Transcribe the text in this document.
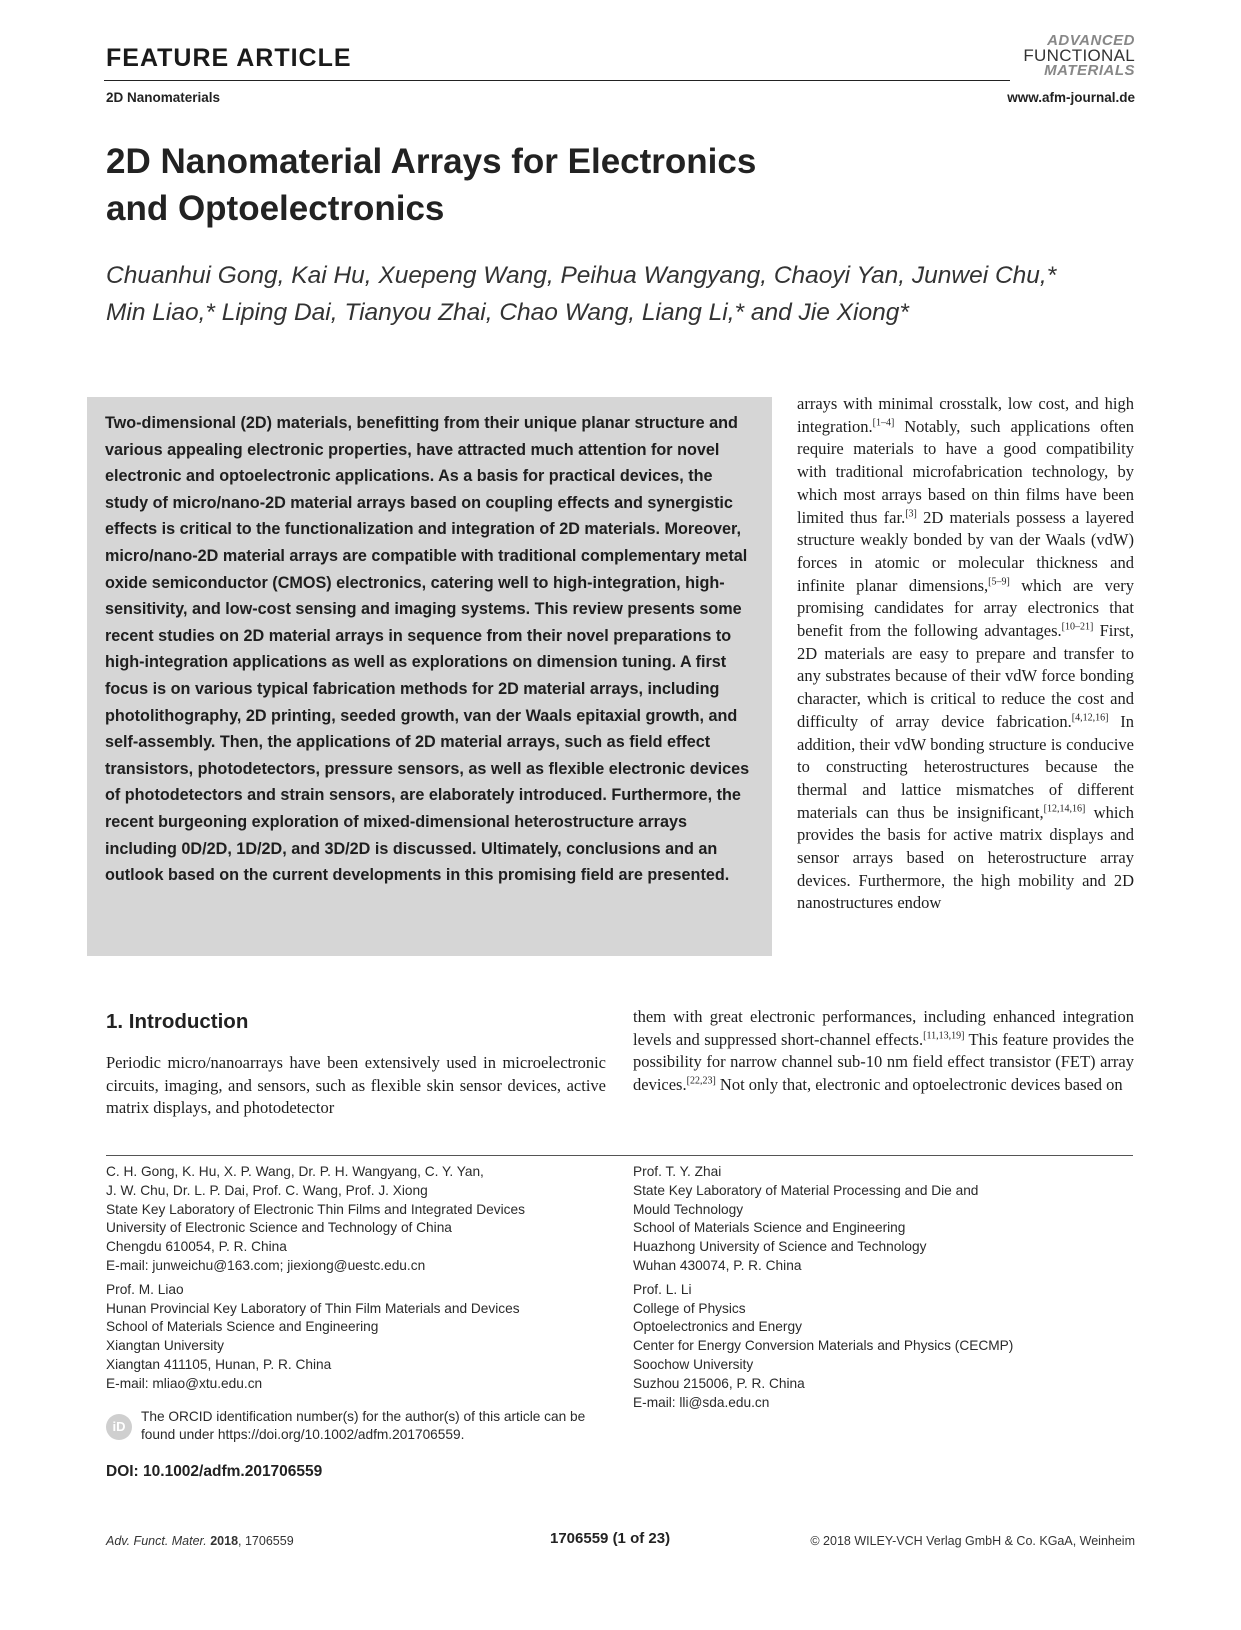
FEATURE ARTICLE
2D Nanomaterials	www.afm-journal.de
ADVANCED
FUNCTIONAL
MATERIALS
2D Nanomaterial Arrays for Electronics
and Optoelectronics
Chuanhui Gong, Kai Hu, Xuepeng Wang, Peihua Wangyang, Chaoyi Yan, Junwei Chu,*
Min Liao,* Liping Dai, Tianyou Zhai, Chao Wang, Liang Li,* and Jie Xiong*
Two-dimensional (2D) materials, benefitting from their unique planar structure and various appealing electronic properties, have attracted much attention for novel electronic and optoelectronic applications. As a basis for practical devices, the study of micro/nano-2D material arrays based on coupling effects and synergistic effects is critical to the functionalization and integration of 2D materials. Moreover, micro/nano-2D material arrays are compatible with traditional complementary metal oxide semiconductor (CMOS) electronics, catering well to high-integration, high-sensitivity, and low-cost sensing and imaging systems. This review presents some recent studies on 2D material arrays in sequence from their novel preparations to high-integration applications as well as explorations on dimension tuning. A first focus is on various typical fabrication methods for 2D material arrays, including photolithography, 2D printing, seeded growth, van der Waals epitaxial growth, and self-assembly. Then, the applications of 2D material arrays, such as field effect transistors, photodetectors, pressure sensors, as well as flexible electronic devices of photodetectors and strain sensors, are elaborately introduced. Furthermore, the recent burgeoning exploration of mixed-dimensional heterostructure arrays including 0D/2D, 1D/2D, and 3D/2D is discussed. Ultimately, conclusions and an outlook based on the current developments in this promising field are presented.
arrays with minimal crosstalk, low cost, and high integration.[1–4] Notably, such applications often require materials to have a good compatibility with traditional microfabrication technology, by which most arrays based on thin films have been limited thus far.[3] 2D materials possess a layered structure weakly bonded by van der Waals (vdW) forces in atomic or molecular thickness and infinite planar dimensions,[5–9] which are very promising candidates for array electronics that benefit from the following advantages.[10–21] First, 2D materials are easy to prepare and transfer to any substrates because of their vdW force bonding character, which is critical to reduce the cost and difficulty of array device fabrication.[4,12,16] In addition, their vdW bonding structure is conducive to constructing heterostructures because the thermal and lattice mismatches of different materials can thus be insignificant,[12,14,16] which provides the basis for active matrix displays and sensor arrays based on heterostructure array devices. Furthermore, the high mobility and 2D nanostructures endow
1. Introduction
Periodic micro/nanoarrays have been extensively used in microelectronic circuits, imaging, and sensors, such as flexible skin sensor devices, active matrix displays, and photodetector
them with great electronic performances, including enhanced integration levels and suppressed short-channel effects.[11,13,19] This feature provides the possibility for narrow channel sub-10 nm field effect transistor (FET) array devices.[22,23] Not only that, electronic and optoelectronic devices based on

C. H. Gong, K. Hu, X. P. Wang, Dr. P. H. Wangyang, C. Y. Yan,
J. W. Chu, Dr. L. P. Dai, Prof. C. Wang, Prof. J. Xiong
State Key Laboratory of Electronic Thin Films and Integrated Devices
University of Electronic Science and Technology of China
Chengdu 610054, P. R. China
E-mail: junweichu@163.com; jiexiong@uestc.edu.cn

Prof. M. Liao
Hunan Provincial Key Laboratory of Thin Film Materials and Devices
School of Materials Science and Engineering
Xiangtan University
Xiangtan 411105, Hunan, P. R. China
E-mail: mliao@xtu.edu.cn

Prof. T. Y. Zhai
State Key Laboratory of Material Processing and Die and
Mould Technology
School of Materials Science and Engineering
Huazhong University of Science and Technology
Wuhan 430074, P. R. China

Prof. L. Li
College of Physics
Optoelectronics and Energy
Center for Energy Conversion Materials and Physics (CECMP)
Soochow University
Suzhou 215006, P. R. China
E-mail: lli@sda.edu.cn

iD
The ORCID identification number(s) for the author(s) of this article can be found under https://doi.org/10.1002/adfm.201706559.
DOI: 10.1002/adfm.201706559
Adv. Funct. Mater. 2018, 1706559	1706559 (1 of 23)	© 2018 WILEY-VCH Verlag GmbH & Co. KGaA, Weinheim
